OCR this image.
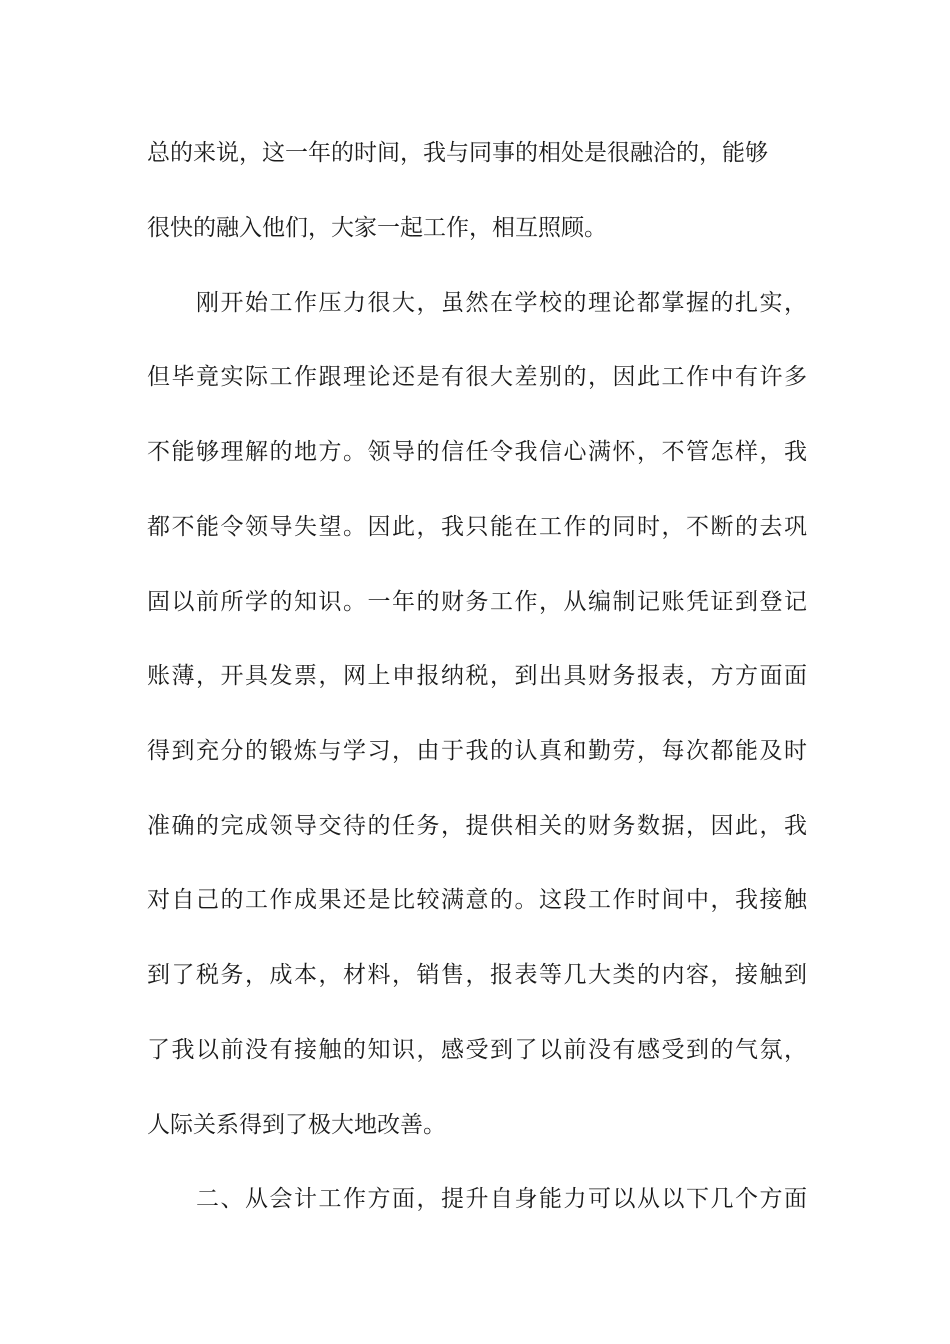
总的来说，这一年的时间，我与同事的相处是很融洽的，能够
很快的融入他们，大家一起工作，相互照顾。
　　刚开始工作压力很大，虽然在学校的理论都掌握的扎实，
但毕竟实际工作跟理论还是有很大差别的，因此工作中有许多
不能够理解的地方。领导的信任令我信心满怀，不管怎样，我
都不能令领导失望。因此，我只能在工作的同时，不断的去巩
固以前所学的知识。一年的财务工作，从编制记账凭证到登记
账薄，开具发票，网上申报纳税，到出具财务报表，方方面面
得到充分的锻炼与学习，由于我的认真和勤劳，每次都能及时
准确的完成领导交待的任务，提供相关的财务数据，因此，我
对自己的工作成果还是比较满意的。这段工作时间中，我接触
到了税务，成本，材料，销售，报表等几大类的内容，接触到
了我以前没有接触的知识，感受到了以前没有感受到的气氛，
人际关系得到了极大地改善。
　　二、从会计工作方面，提升自身能力可以从以下几个方面
